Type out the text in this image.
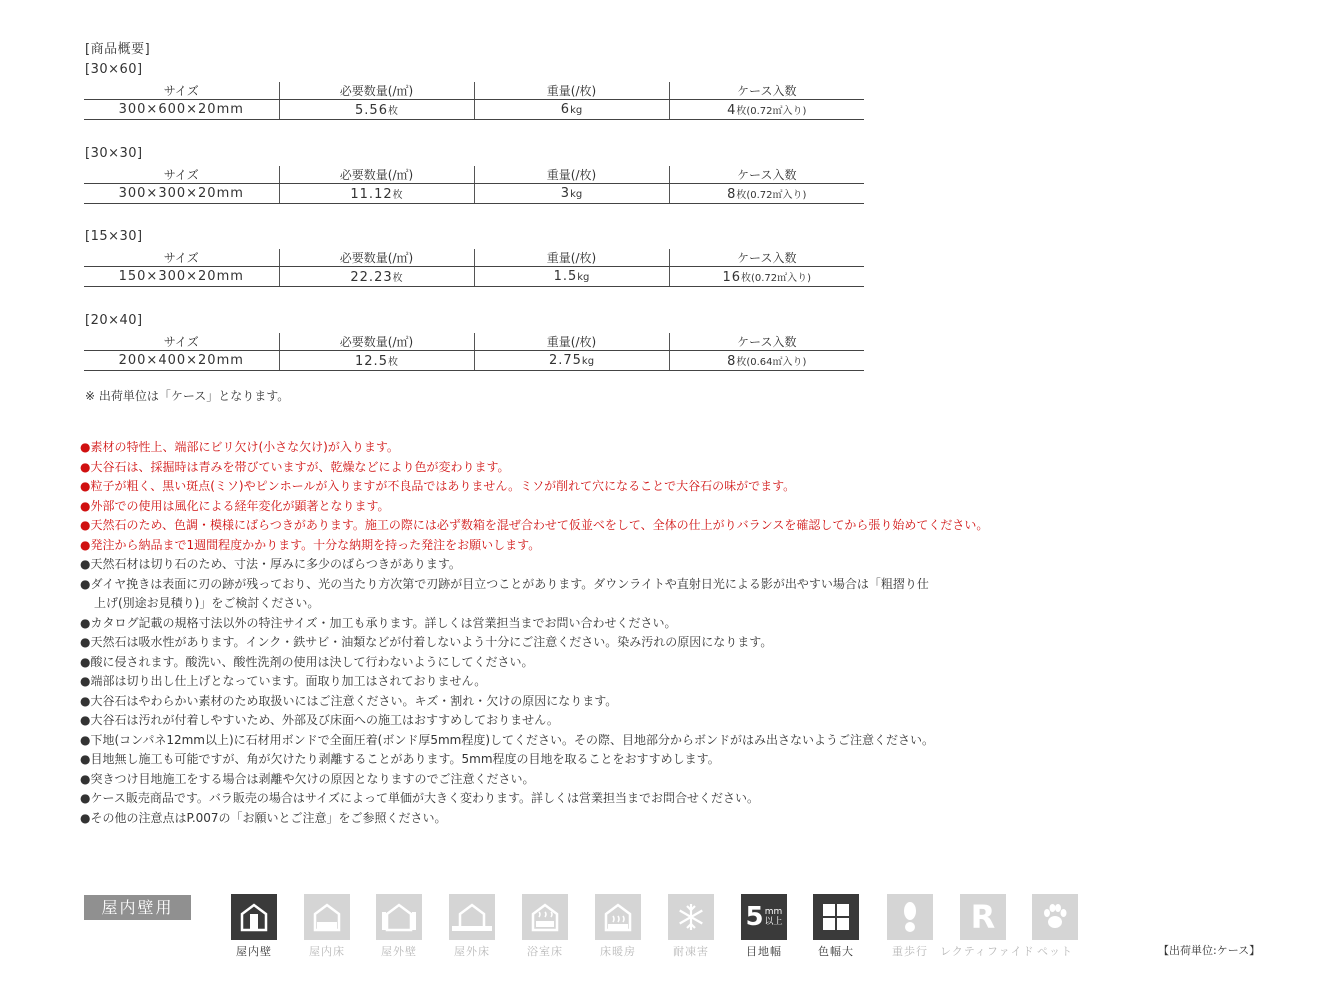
[商品概要]
[30×60]
サイズ	必要数量(/㎡)	重量(/枚)	ケース入数
300×600×20mm	5.56枚	6kg	4枚(0.72㎡入り)
[30×30]
サイズ	必要数量(/㎡)	重量(/枚)	ケース入数
300×300×20mm	11.12枚	3kg	8枚(0.72㎡入り)
[15×30]
サイズ	必要数量(/㎡)	重量(/枚)	ケース入数
150×300×20mm	22.23枚	1.5kg	16枚(0.72㎡入り)
[20×40]
サイズ	必要数量(/㎡)	重量(/枚)	ケース入数
200×400×20mm	12.5枚	2.75kg	8枚(0.64㎡入り)
※ 出荷単位は「ケース」となります。
●素材の特性上、端部にビリ欠け(小さな欠け)が入ります。
●大谷石は、採掘時は青みを帯びていますが、乾燥などにより色が変わります。
●粒子が粗く、黒い斑点(ミソ)やピンホールが入りますが不良品ではありません。ミソが削れて穴になることで大谷石の味がでます。
●外部での使用は風化による経年変化が顕著となります。
●天然石のため、色調・模様にばらつきがあります。施工の際には必ず数箱を混ぜ合わせて仮並べをして、全体の仕上がりバランスを確認してから張り始めてください。
●発注から納品まで1週間程度かかります。十分な納期を持った発注をお願いします。
●天然石材は切り石のため、寸法・厚みに多少のばらつきがあります。
●ダイヤ挽きは表面に刃の跡が残っており、光の当たり方次第で刃跡が目立つことがあります。ダウンライトや直射日光による影が出やすい場合は「粗摺り仕
上げ(別途お見積り)」をご検討ください。
●カタログ記載の規格寸法以外の特注サイズ・加工も承ります。詳しくは営業担当までお問い合わせください。
●天然石は吸水性があります。インク・鉄サビ・油類などが付着しないよう十分にご注意ください。染み汚れの原因になります。
●酸に侵されます。酸洗い、酸性洗剤の使用は決して行わないようにしてください。
●端部は切り出し仕上げとなっています。面取り加工はされておりません。
●大谷石はやわらかい素材のため取扱いにはご注意ください。キズ・割れ・欠けの原因になります。
●大谷石は汚れが付着しやすいため、外部及び床面への施工はおすすめしておりません。
●下地(コンパネ12mm以上)に石材用ボンドで全面圧着(ボンド厚5mm程度)してください。その際、目地部分からボンドがはみ出さないようご注意ください。
●目地無し施工も可能ですが、角が欠けたり剥離することがあります。5mm程度の目地を取ることをおすすめします。
●突きつけ目地施工をする場合は剥離や欠けの原因となりますのでご注意ください。
●ケース販売商品です。バラ販売の場合はサイズによって単価が大きく変わります。詳しくは営業担当までお問合せください。
●その他の注意点はP.007の「お願いとご注意」をご参照ください。
屋内壁用
屋内壁	屋内床	屋外壁	屋外床	浴室床	床暖房	耐凍害
5 mm
以上
目地幅	色幅大	重歩行
R
レクティファイド ペット	【出荷単位:ケース】
